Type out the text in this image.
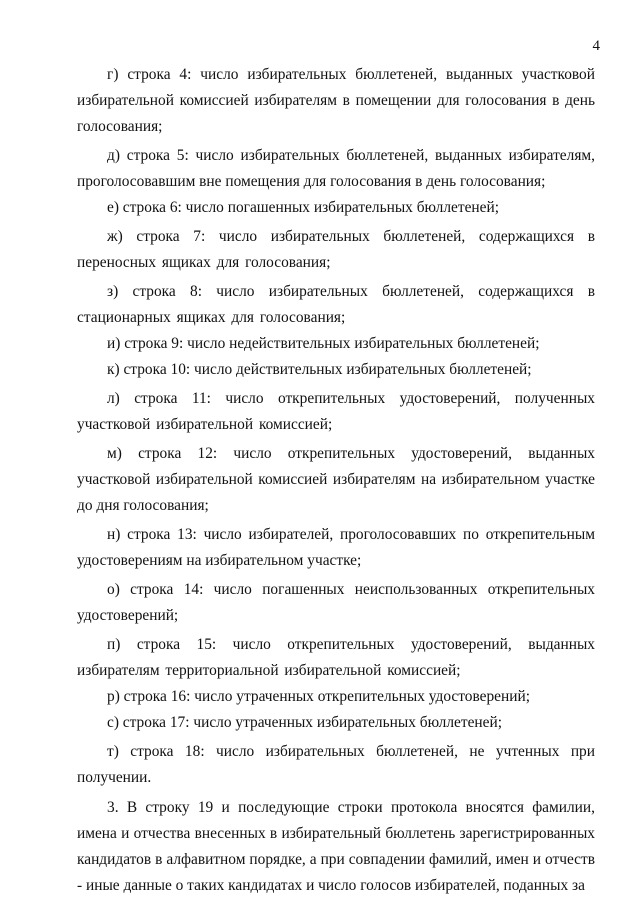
4

г) строка 4: число избирательных бюллетеней, выданных участковой избирательной комиссией избирателям в помещении для голосования в день голосования;

д) строка 5: число избирательных бюллетеней, выданных избирателям, проголосовавшим вне помещения для голосования в день голосования;

е) строка 6: число погашенных избирательных бюллетеней;

ж) строка 7: число избирательных бюллетеней, содержащихся в переносных ящиках для голосования;

з) строка 8: число избирательных бюллетеней, содержащихся в стационарных ящиках для голосования;

и) строка 9: число недействительных избирательных бюллетеней;

к) строка 10: число действительных избирательных бюллетеней;

л) строка 11: число открепительных удостоверений, полученных участковой избирательной комиссией;

м) строка 12: число открепительных удостоверений, выданных участковой избирательной комиссией избирателям на избирательном участке до дня голосования;

н) строка 13: число избирателей, проголосовавших по открепительным удостоверениям на избирательном участке;

о) строка 14: число погашенных неиспользованных открепительных удостоверений;

п) строка 15: число открепительных удостоверений, выданных избирателям территориальной избирательной комиссией;

р) строка 16: число утраченных открепительных удостоверений;

с) строка 17: число утраченных избирательных бюллетеней;

т) строка 18: число избирательных бюллетеней, не учтенных при получении.

3. В строку 19 и последующие строки протокола вносятся фамилии, имена и отчества внесенных в избирательный бюллетень зарегистрированных кандидатов в алфавитном порядке, а при совпадении фамилий, имен и отчеств - иные данные о таких кандидатах и число голосов избирателей, поданных за
